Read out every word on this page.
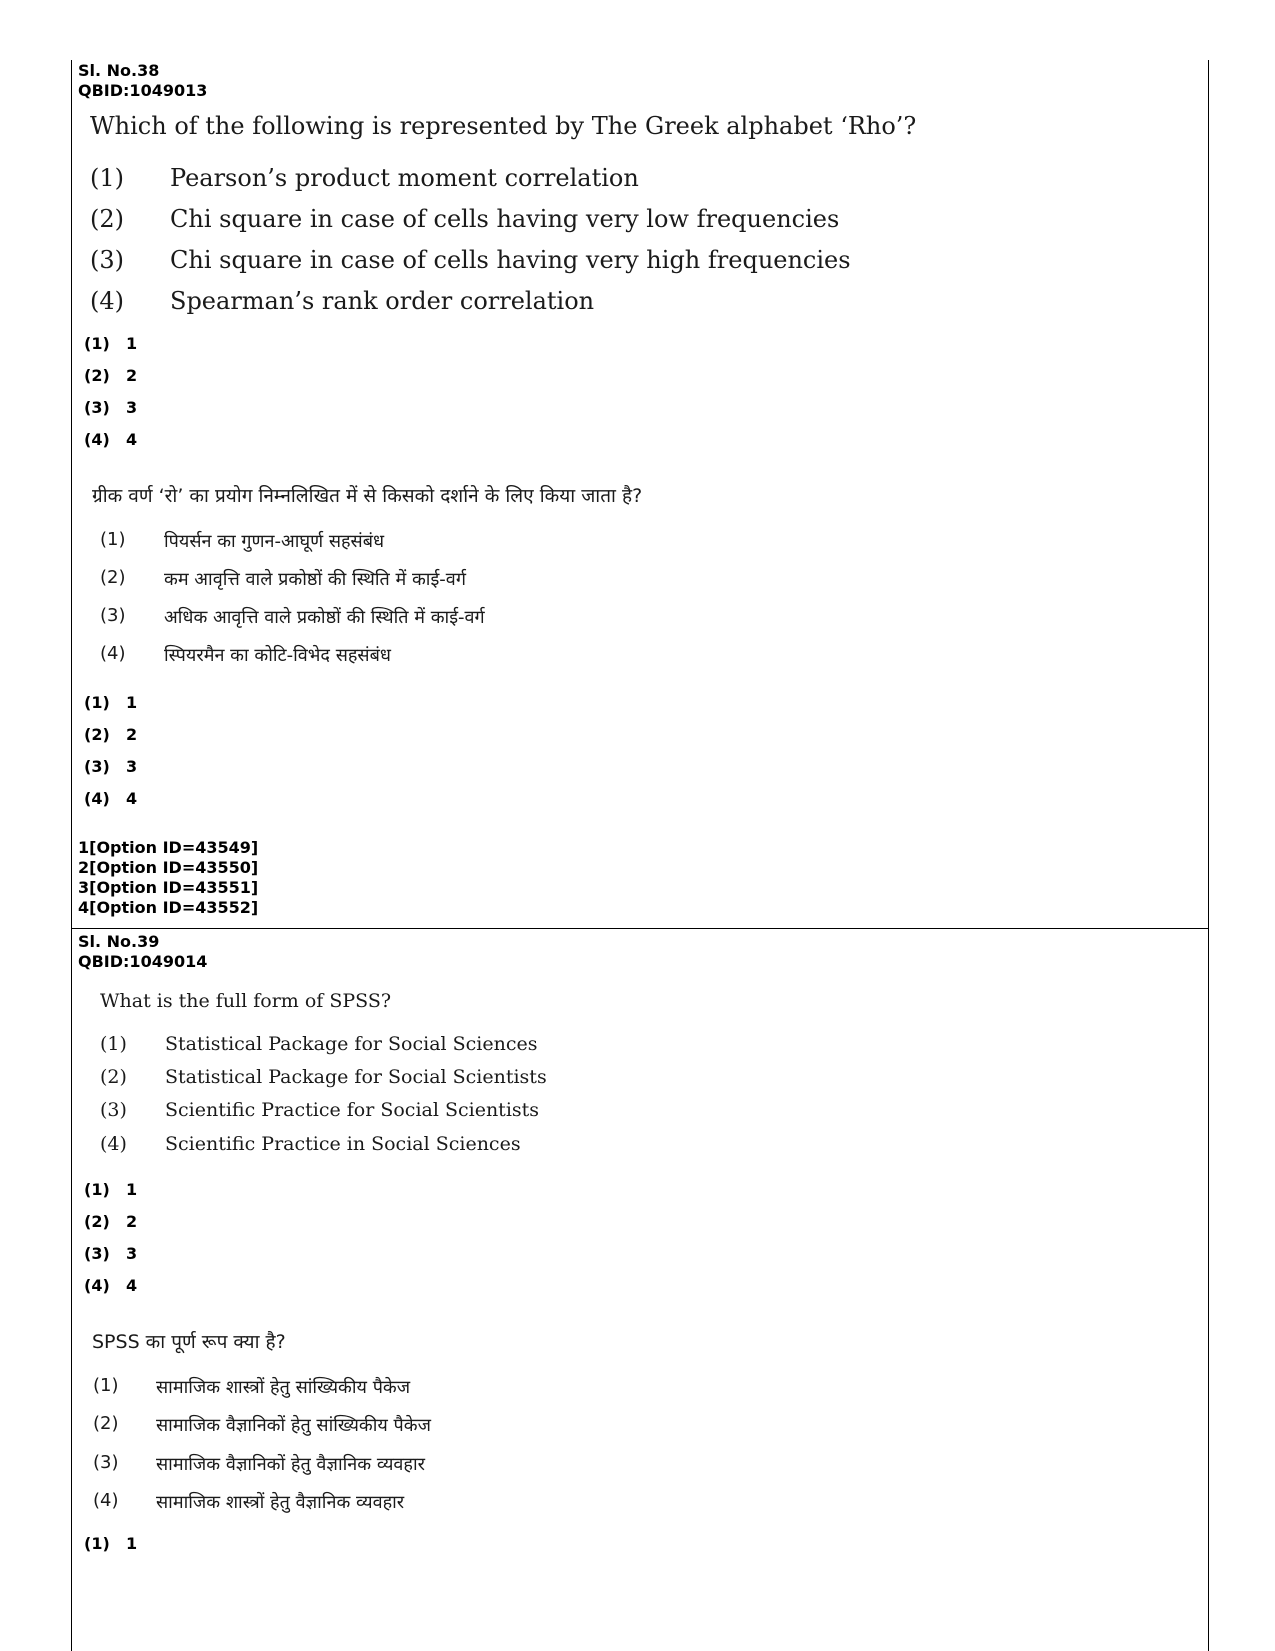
Sl. No.38
QBID:1049013
Which of the following is represented by The Greek alphabet ‘Rho’?
(1) Pearson’s product moment correlation
(2) Chi square in case of cells having very low frequencies
(3) Chi square in case of cells having very high frequencies
(4) Spearman’s rank order correlation
(1) 1
(2) 2
(3) 3
(4) 4
ग्रीक वर्ण ‘रो’ का प्रयोग निम्नलिखित में से किसको दर्शाने के लिए किया जाता है?
(1) पियर्सन का गुणन-आघूर्ण सहसंबंध
(2) कम आवृत्ति वाले प्रकोष्ठों की स्थिति में काई-वर्ग
(3) अधिक आवृत्ति वाले प्रकोष्ठों की स्थिति में काई-वर्ग
(4) स्पियरमैन का कोटि-विभेद सहसंबंध
(1) 1
(2) 2
(3) 3
(4) 4
1[Option ID=43549]
2[Option ID=43550]
3[Option ID=43551]
4[Option ID=43552]
Sl. No.39
QBID:1049014
What is the full form of SPSS?
(1) Statistical Package for Social Sciences
(2) Statistical Package for Social Scientists
(3) Scientific Practice for Social Scientists
(4) Scientific Practice in Social Sciences
(1) 1
(2) 2
(3) 3
(4) 4
SPSS का पूर्ण रूप क्या है?
(1) सामाजिक शास्त्रों हेतु सांख्यिकीय पैकेज
(2) सामाजिक वैज्ञानिकों हेतु सांख्यिकीय पैकेज
(3) सामाजिक वैज्ञानिकों हेतु वैज्ञानिक व्यवहार
(4) सामाजिक शास्त्रों हेतु वैज्ञानिक व्यवहार
(1) 1
